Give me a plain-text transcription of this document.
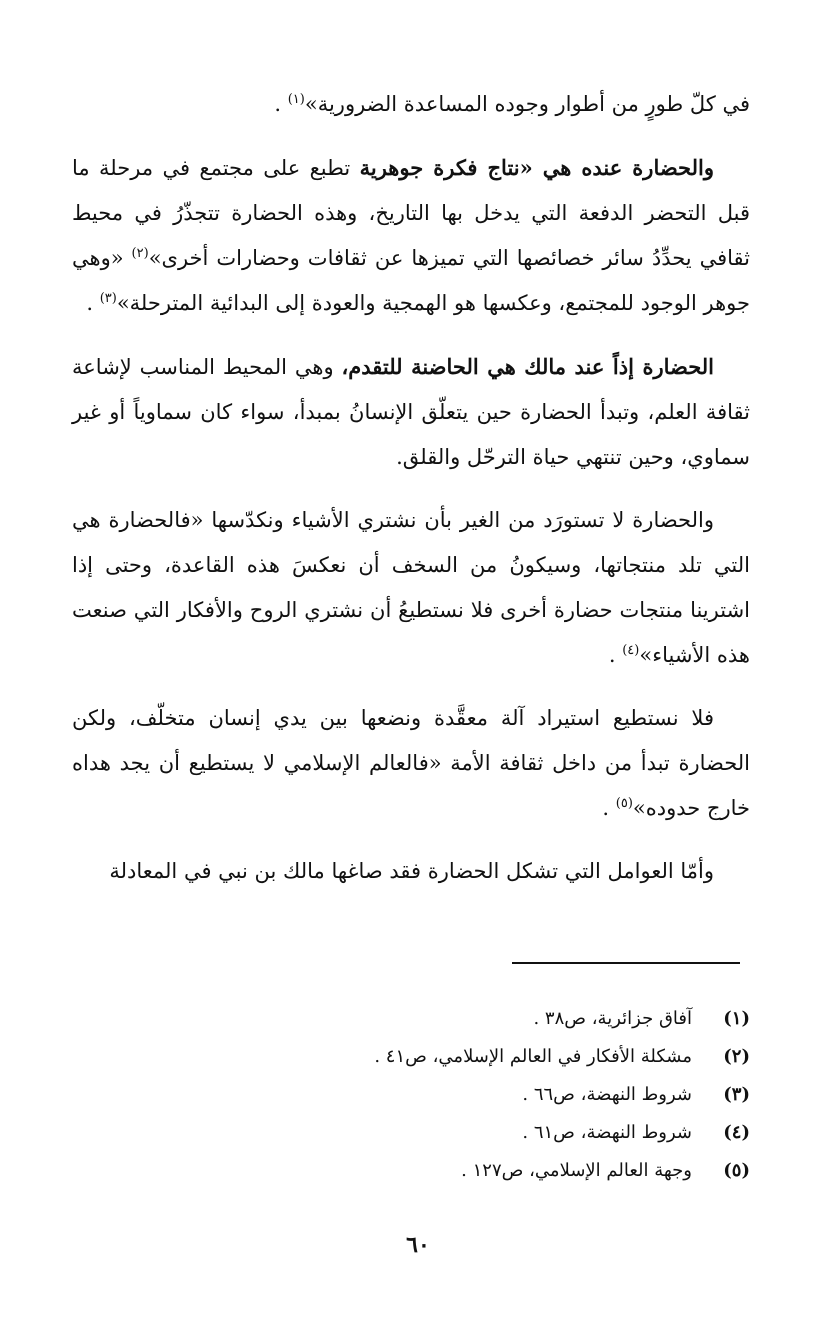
في كلّ طورٍ من أطوار وجوده المساعدة الضرورية»$^{(١)}$ .

والحضارة عنده هي «نتاج فكرة جوهرية تطبع على مجتمع في مرحلة ما قبل التحضر الدفعة التي يدخل بها التاريخ، وهذه الحضارة تتجذّرُ في محيط ثقافي يحدِّدُ سائر خصائصها التي تميزها عن ثقافات وحضارات أخرى»$^{(٢)}$ «وهي جوهر الوجود للمجتمع، وعكسها هو الهمجية والعودة إلى البدائية المترحلة»$^{(٣)}$ .

الحضارة إذاً عند مالك هي الحاضنة للتقدم، وهي المحيط المناسب لإشاعة ثقافة العلم، وتبدأ الحضارة حين يتعلّق الإنسانُ بمبدأ، سواء كان سماوياً أو غير سماوي، وحين تنتهي حياة الترحّل والقلق.

والحضارة لا تستورَد من الغير بأن نشتري الأشياء ونكدّسها «فالحضارة هي التي تلد منتجاتها، وسيكونُ من السخف أن نعكسَ هذه القاعدة، وحتى إذا اشترينا منتجات حضارة أخرى فلا نستطيعُ أن نشتري الروح والأفكار التي صنعت هذه الأشياء»$^{(٤)}$ .

فلا نستطيع استيراد آلة معقَّدة ونضعها بين يدي إنسان متخلّف، ولكن الحضارة تبدأ من داخل ثقافة الأمة «فالعالم الإسلامي لا يستطيع أن يجد هداه خارج حدوده»$^{(٥)}$ .

وأمّا العوامل التي تشكل الحضارة فقد صاغها مالك بن نبي في المعادلة

(١)
آفاق جزائرية، ص٣٨ .
(٢)
مشكلة الأفكار في العالم الإسلامي، ص٤١ .
(٣)
شروط النهضة، ص٦٦ .
(٤)
شروط النهضة، ص٦١ .
(٥)
وجهة العالم الإسلامي، ص١٢٧ .
٦٠
